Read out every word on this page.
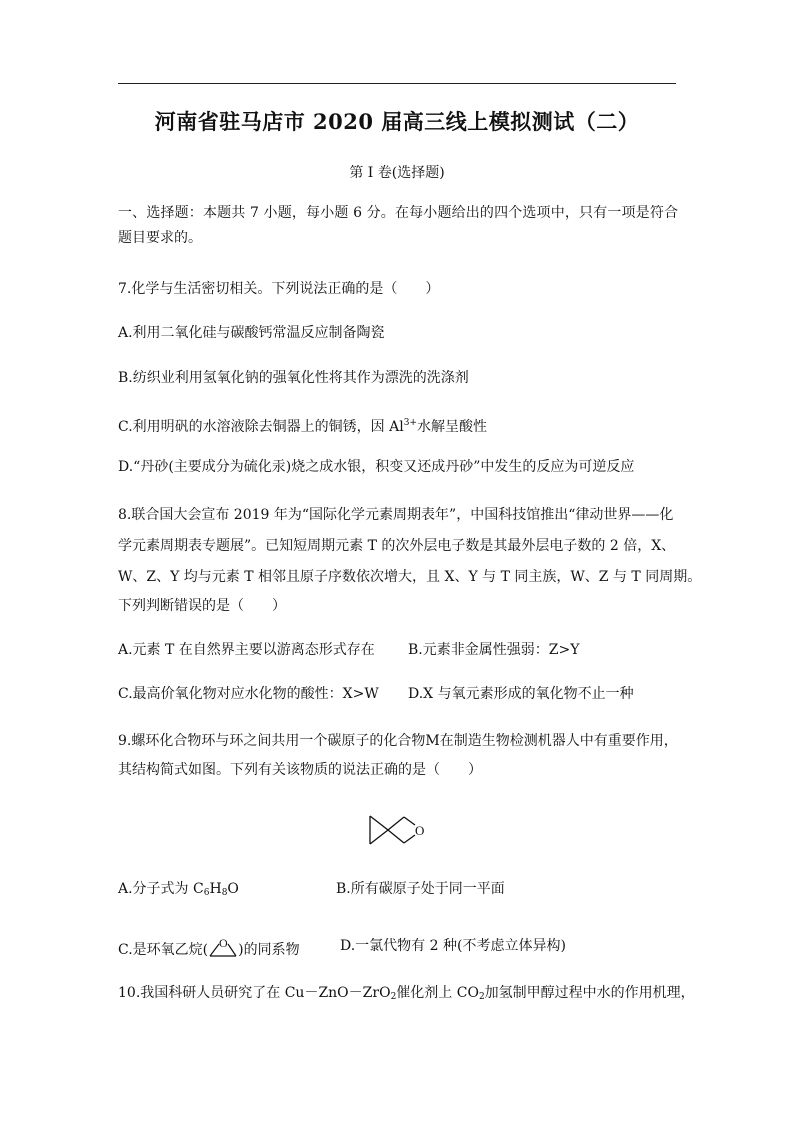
河南省驻马店市 2020 届高三线上模拟测试（二）
第 I 卷(选择题)
一、选择题：本题共 7 小题，每小题 6 分。在每小题给出的四个选项中，只有一项是符合题目要求的。
7.化学与生活密切相关。下列说法正确的是（　　）
A.利用二氧化硅与碳酸钙常温反应制备陶瓷
B.纺织业利用氢氧化钠的强氧化性将其作为漂洗的洗涤剂
C.利用明矾的水溶液除去铜器上的铜锈，因 $Al^{3+}$水解呈酸性
D.“丹砂(主要成分为硫化汞)烧之成水银，积变又还成丹砂”中发生的反应为可逆反应
8.联合国大会宣布 2019 年为“国际化学元素周期表年”，中国科技馆推出“律动世界——化
学元素周期表专题展”。已知短周期元素 T 的次外层电子数是其最外层电子数的 2 倍，X、
W、Z、Y 均与元素 T 相邻且原子序数依次增大，且 X、Y 与 T 同主族，W、Z 与 T 同周期。
下列判断错误的是（　　）
A.元素 T 在自然界主要以游离态形式存在 B.元素非金属性强弱：Z>Y
C.最高价氧化物对应水化物的酸性：X>W D.X 与氧元素形成的氧化物不止一种
9.螺环化合物环与环之间共用一个碳原子的化合物M在制造生物检测机器人中有重要作用，
其结构简式如图。下列有关该物质的说法正确的是（　　）
O
A.分子式为 $C_6H_8O$	B.所有碳原子处于同一平面
C.是环氧乙烷( O )的同系物	D.一氯代物有 2 种(不考虑立体异构)
10.我国科研人员研究了在 Cu－ZnO－ZrO$_2$催化剂上 $CO_2$加氢制甲醇过程中水的作用机理，
